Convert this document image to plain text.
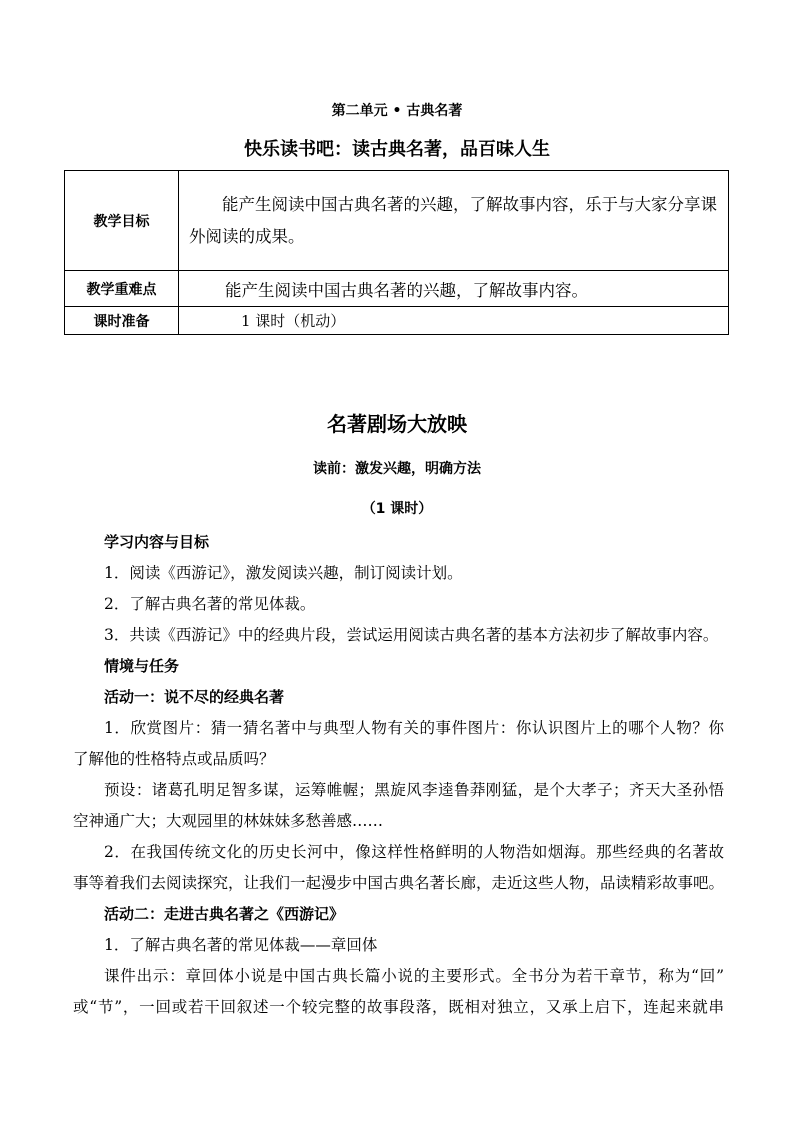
第二单元 • 古典名著
快乐读书吧：读古典名著，品百味人生
教学目标	能产生阅读中国古典名著的兴趣，了解故事内容，乐于与大家分享课外阅读的成果。

教学重难点	能产生阅读中国古典名著的兴趣，了解故事内容。

课时准备	1 课时（机动）
名著剧场大放映
读前：激发兴趣，明确方法
（1 课时）
学习内容与目标
1．阅读《西游记》，激发阅读兴趣，制订阅读计划。
2．了解古典名著的常见体裁。
3．共读《西游记》中的经典片段，尝试运用阅读古典名著的基本方法初步了解故事内容。
情境与任务
活动一：说不尽的经典名著
1．欣赏图片：猜一猜名著中与典型人物有关的事件图片：你认识图片上的哪个人物？你
了解他的性格特点或品质吗？
预设：诸葛孔明足智多谋，运筹帷幄；黑旋风李逵鲁莽刚猛，是个大孝子；齐天大圣孙悟
空神通广大；大观园里的林妹妹多愁善感……
2．在我国传统文化的历史长河中，像这样性格鲜明的人物浩如烟海。那些经典的名著故
事等着我们去阅读探究，让我们一起漫步中国古典名著长廊，走近这些人物，品读精彩故事吧。
活动二：走进古典名著之《西游记》
1．了解古典名著的常见体裁——章回体
课件出示：章回体小说是中国古典长篇小说的主要形式。全书分为若干章节，称为“回”
或“节”，一回或若干回叙述一个较完整的故事段落，既相对独立，又承上启下，连起来就串
